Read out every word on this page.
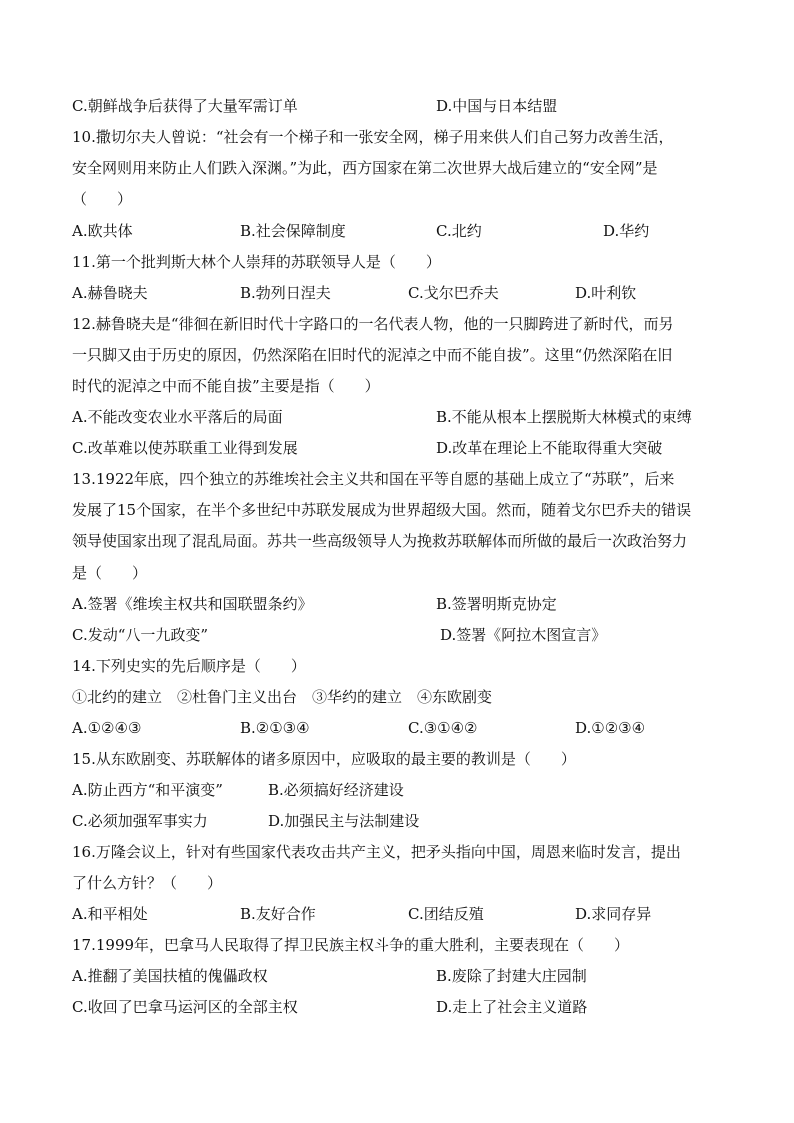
C.朝鲜战争后获得了大量军需订单	D.中国与日本结盟
10.撒切尔夫人曾说：“社会有一个梯子和一张安全网，梯子用来供人们自己努力改善生活，
安全网则用来防止人们跌入深渊。”为此，西方国家在第二次世界大战后建立的“安全网”是
（　　）
A.欧共体	B.社会保障制度	C.北约	D.华约
11.第一个批判斯大林个人崇拜的苏联领导人是（　　）
A.赫鲁晓夫	B.勃列日涅夫	C.戈尔巴乔夫	D.叶利钦
12.赫鲁晓夫是“徘徊在新旧时代十字路口的一名代表人物，他的一只脚跨进了新时代，而另
一只脚又由于历史的原因，仍然深陷在旧时代的泥淖之中而不能自拔”。这里“仍然深陷在旧
时代的泥淖之中而不能自拔”主要是指（　　）
A.不能改变农业水平落后的局面	B.不能从根本上摆脱斯大林模式的束缚
C.改革难以使苏联重工业得到发展	D.改革在理论上不能取得重大突破
13.1922年底，四个独立的苏维埃社会主义共和国在平等自愿的基础上成立了“苏联”，后来
发展了15个国家，在半个多世纪中苏联发展成为世界超级大国。然而，随着戈尔巴乔夫的错误
领导使国家出现了混乱局面。苏共一些高级领导人为挽救苏联解体而所做的最后一次政治努力
是（　　）
A.签署《维埃主权共和国联盟条约》	B.签署明斯克协定
C.发动“八一九政变”	D.签署《阿拉木图宣言》
14.下列史实的先后顺序是（　　）
①北约的建立　②杜鲁门主义出台　③华约的建立　④东欧剧变
A.①②④③	B.②①③④	C.③①④②	D.①②③④
15.从东欧剧变、苏联解体的诸多原因中，应吸取的最主要的教训是（　　）
A.防止西方“和平演变”	B.必须搞好经济建设
C.必须加强军事实力	D.加强民主与法制建设
16.万隆会议上，针对有些国家代表攻击共产主义，把矛头指向中国，周恩来临时发言，提出
了什么方针？（　　）
A.和平相处	B.友好合作	C.团结反殖	D.求同存异
17.1999年，巴拿马人民取得了捍卫民族主权斗争的重大胜利，主要表现在（　　）
A.推翻了美国扶植的傀儡政权	B.废除了封建大庄园制
C.收回了巴拿马运河区的全部主权	D.走上了社会主义道路
